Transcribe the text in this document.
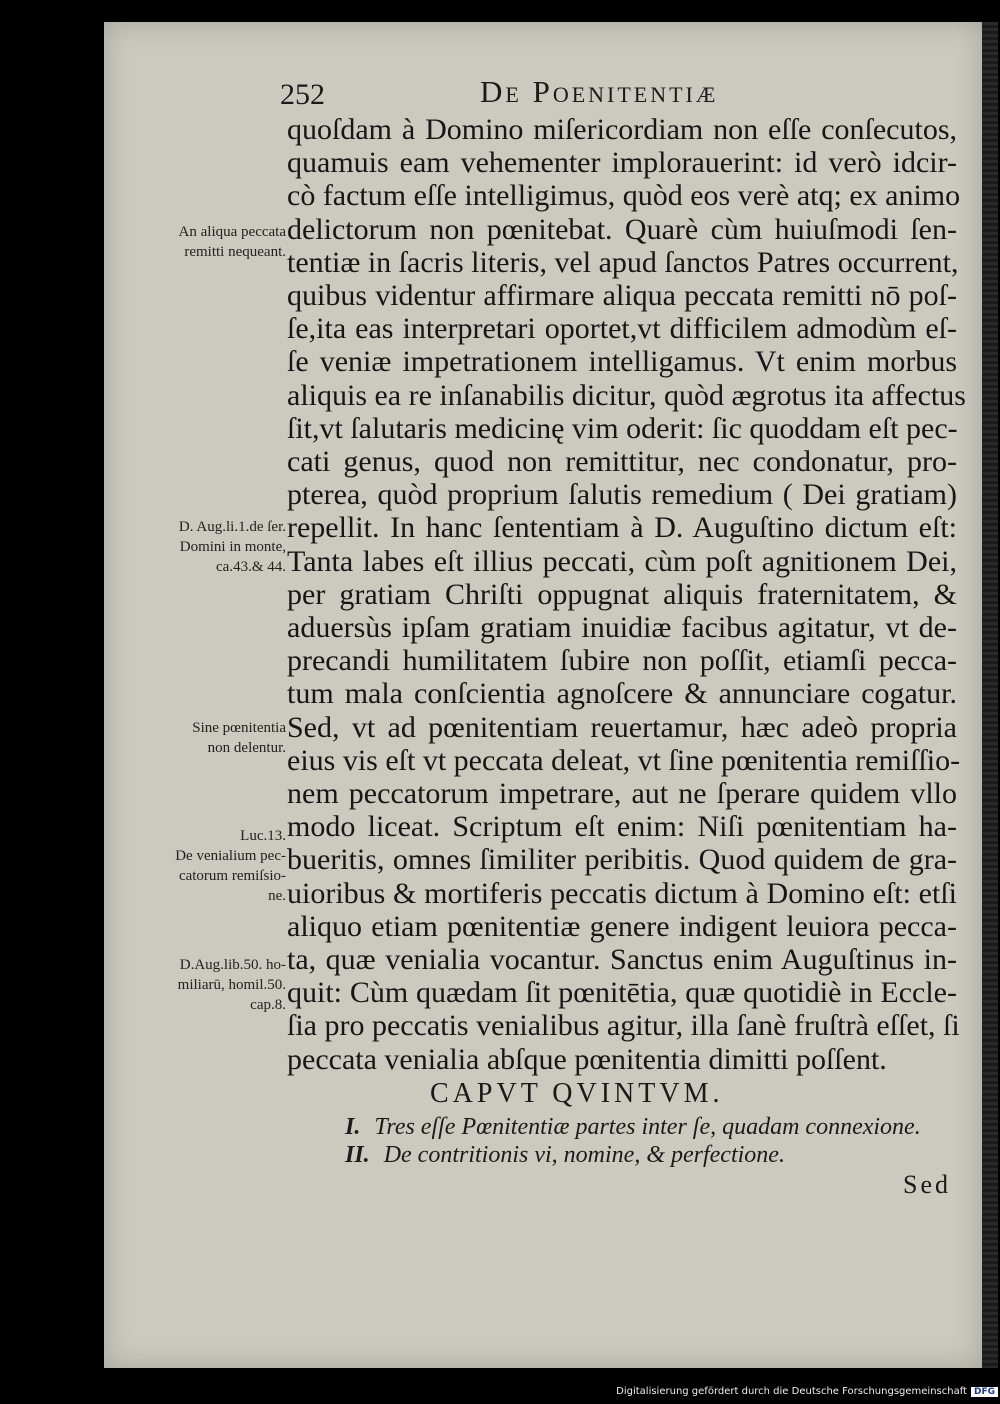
252	De Poenitentiæ
quoſdam à Domino miſericordiam non eſſe conſecutos,
quamuis eam vehementer implorauerint: id verò idcir-
cò factum eſſe intelligimus, quòd eos verè atq; ex animo
delictorum non pœnitebat. Quarè cùm huiuſmodi ſen-
tentiæ in ſacris literis, vel apud ſanctos Patres occurrent,
quibus videntur affirmare aliqua peccata remitti nō poſ-
ſe,ita eas interpretari oportet,vt difficilem admodùm eſ-
ſe veniæ impetrationem intelligamus. Vt enim morbus
aliquis ea re inſanabilis dicitur, quòd ægrotus ita affectus
ſit,vt ſalutaris medicinę vim oderit: ſic quoddam eſt pec-
cati genus, quod non remittitur, nec condonatur, pro-
pterea, quòd proprium ſalutis remedium ( Dei gratiam)
repellit. In hanc ſententiam à D. Auguſtino dictum eſt:
Tanta labes eſt illius peccati, cùm poſt agnitionem Dei,
per gratiam Chriſti oppugnat aliquis fraternitatem, &
aduersùs ipſam gratiam inuidiæ facibus agitatur, vt de-
precandi humilitatem ſubire non poſſit, etiamſi pecca-
tum mala conſcientia agnoſcere & annunciare cogatur.
Sed, vt ad pœnitentiam reuertamur, hæc adeò propria
eius vis eſt vt peccata deleat, vt ſine pœnitentia remiſſio-
nem peccatorum impetrare, aut ne ſperare quidem vllo
modo liceat. Scriptum eſt enim: Niſi pœnitentiam ha-
bueritis, omnes ſimiliter peribitis. Quod quidem de gra-
uioribus & mortiferis peccatis dictum à Domino eſt: etſi
aliquo etiam pœnitentiæ genere indigent leuiora pecca-
ta, quæ venialia vocantur. Sanctus enim Auguſtinus in-
quit: Cùm quædam ſit pœnitētia, quæ quotidiè in Eccle-
ſia pro peccatis venialibus agitur, illa ſanè fruſtrà eſſet, ſi
peccata venialia abſque pœnitentia dimitti poſſent.
An aliqua peccata
remitti nequeant.
D. Aug.li.1.de ſer.
Domini in monte,
ca.43.& 44.
Sine pœnitentia
non delentur.
Luc.13.
De venialium pec-
catorum remiſsio-
ne.
D.Aug.lib.50. ho-
miliarū, homil.50.
cap.8.
CAPVT QVINTVM.
I. Tres eſſe Pœnitentiæ partes inter ſe, quadam connexione.
II. De contritionis vi, nomine, & perfectione.
Sed
Digitalisierung gefördert durch die Deutsche Forschungsgemeinschaft DFG
